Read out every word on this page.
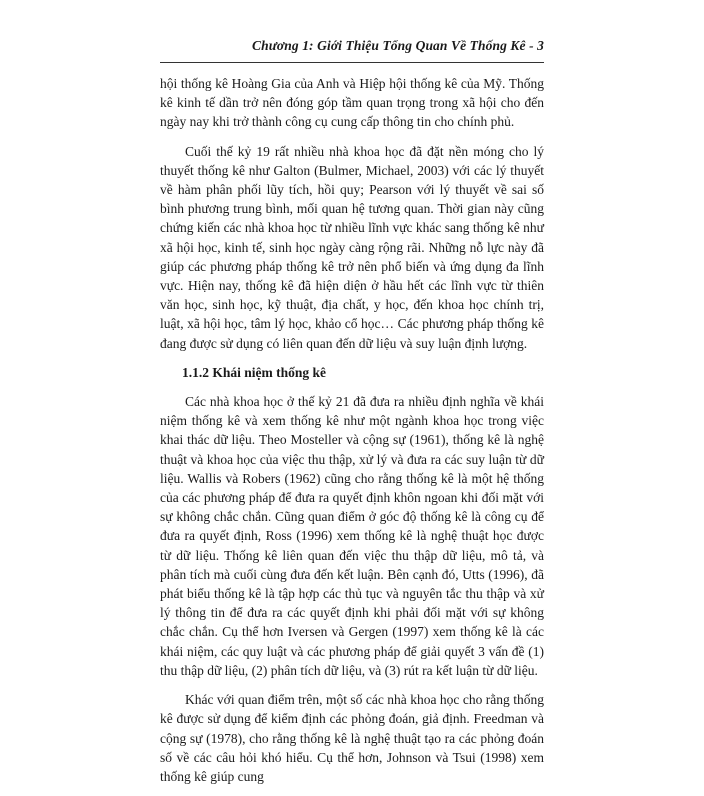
Chương 1: Giới Thiệu Tổng Quan Về Thống Kê - 3

hội thống kê Hoàng Gia của Anh và Hiệp hội thống kê của Mỹ. Thống kê kinh tế dần trở nên đóng góp tầm quan trọng trong xã hội cho đến ngày nay khi trở thành công cụ cung cấp thông tin cho chính phủ.

Cuối thế kỷ 19 rất nhiều nhà khoa học đã đặt nền móng cho lý thuyết thống kê như Galton (Bulmer, Michael, 2003) với các lý thuyết về hàm phân phối lũy tích, hồi quy; Pearson với lý thuyết về sai số bình phương trung bình, mối quan hệ tương quan. Thời gian này cũng chứng kiến các nhà khoa học từ nhiều lĩnh vực khác sang thống kê như xã hội học, kinh tế, sinh học ngày càng rộng rãi. Những nỗ lực này đã giúp các phương pháp thống kê trở nên phổ biến và ứng dụng đa lĩnh vực. Hiện nay, thống kê đã hiện diện ở hầu hết các lĩnh vực từ thiên văn học, sinh học, kỹ thuật, địa chất, y học, đến khoa học chính trị, luật, xã hội học, tâm lý học, khảo cổ học… Các phương pháp thống kê đang được sử dụng có liên quan đến dữ liệu và suy luận định lượng.

1.1.2 Khái niệm thống kê

Các nhà khoa học ở thế kỷ 21 đã đưa ra nhiều định nghĩa về khái niệm thống kê và xem thống kê như một ngành khoa học trong việc khai thác dữ liệu. Theo Mosteller và cộng sự (1961), thống kê là nghệ thuật và khoa học của việc thu thập, xử lý và đưa ra các suy luận từ dữ liệu. Wallis và Robers (1962) cũng cho rằng thống kê là một hệ thống của các phương pháp để đưa ra quyết định khôn ngoan khi đối mặt với sự không chắc chắn. Cũng quan điểm ở góc độ thống kê là công cụ để đưa ra quyết định, Ross (1996) xem thống kê là nghệ thuật học được từ dữ liệu. Thống kê liên quan đến việc thu thập dữ liệu, mô tả, và phân tích mà cuối cùng đưa đến kết luận. Bên cạnh đó, Utts (1996), đã phát biểu thống kê là tập hợp các thủ tục và nguyên tắc thu thập và xử lý thông tin để đưa ra các quyết định khi phải đối mặt với sự không chắc chắn. Cụ thể hơn Iversen và Gergen (1997) xem thống kê là các khái niệm, các quy luật và các phương pháp để giải quyết 3 vấn đề (1) thu thập dữ liệu, (2) phân tích dữ liệu, và (3) rút ra kết luận từ dữ liệu.

Khác với quan điểm trên, một số các nhà khoa học cho rằng thống kê được sử dụng để kiểm định các phỏng đoán, giả định. Freedman và cộng sự (1978), cho rằng thống kê là nghệ thuật tạo ra các phỏng đoán số về các câu hỏi khó hiểu. Cụ thể hơn, Johnson và Tsui (1998) xem thống kê giúp cung
